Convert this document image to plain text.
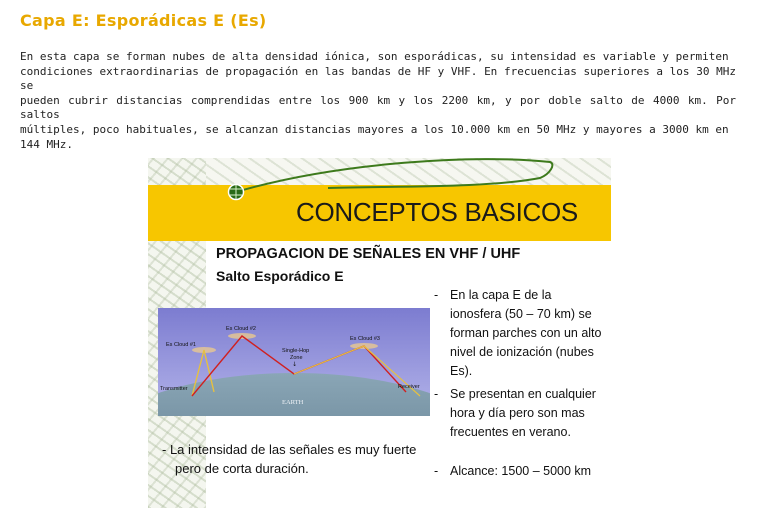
Capa E: Esporádicas E (Es)
En esta capa se forman nubes de alta densidad iónica, son esporádicas, su intensidad es variable y permiten
condiciones extraordinarias de propagación en las bandas de HF y VHF. En frecuencias superiores a los 30 MHz se
pueden cubrir distancias comprendidas entre los 900 km y los 2200 km, y por doble salto de 4000 km. Por saltos
múltiples, poco habituales, se alcanzan distancias mayores a los 10.000 km en 50 MHz y mayores a 3000 km en
144 MHz.
CONCEPTOS BASICOS
PROPAGACION DE SEÑALES EN VHF / UHF
Salto Esporádico E
Es Cloud #1
Es Cloud #2
Es Cloud #3
Single-Hop
Zone
↓
Transmitter	Receiver
EARTH
- En la capa E de la ionosfera (50 – 70 km) se forman parches con un alto nivel de ionización (nubes Es).
- Se presentan en cualquier hora y día pero son mas frecuentes en verano.
- Alcance: 1500 – 5000 km
- La intensidad de las señales es muy fuerte
pero de corta duración.
